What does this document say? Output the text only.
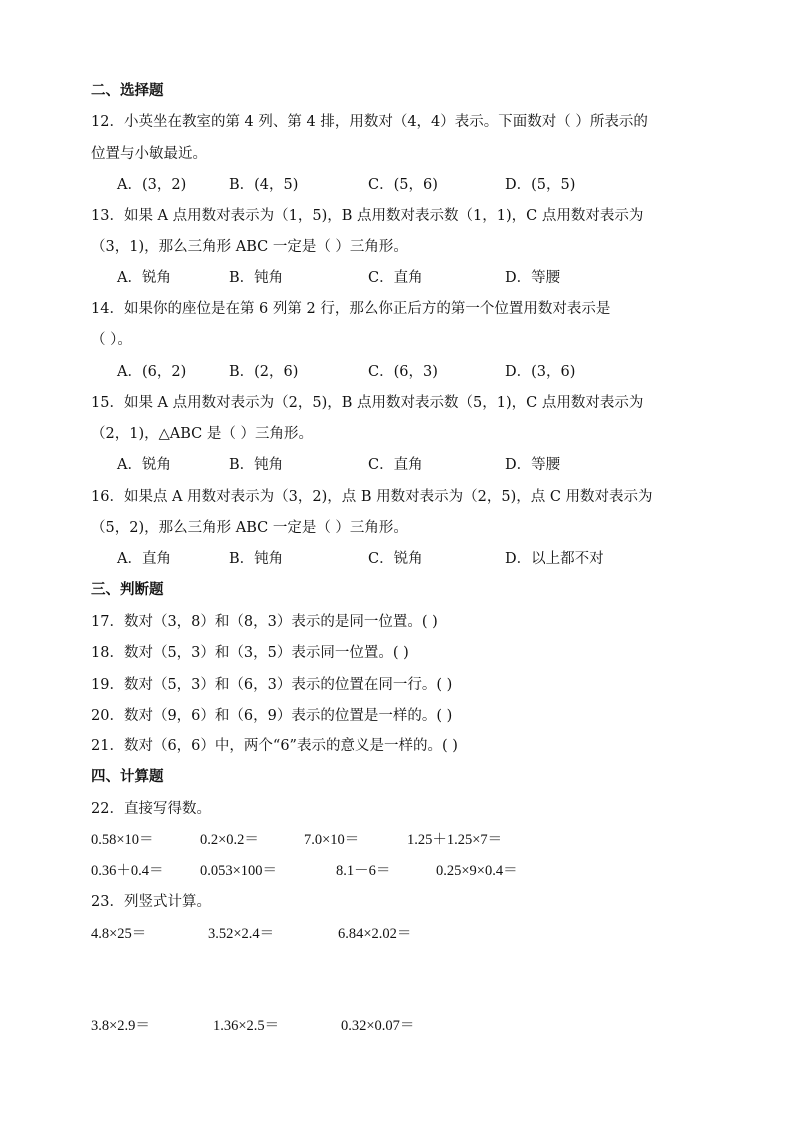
二、选择题
12．小英坐在教室的第 4 列、第 4 排，用数对（4，4）表示。下面数对（ ）所表示的
位置与小敏最近。
A．(3，2)	B．(4，5)	C．(5，6)	D．(5，5)
13．如果 A 点用数对表示为（1，5)，B 点用数对表示数（1，1)，C 点用数对表示为
（3，1)，那么三角形 ABC 一定是（ ）三角形。
A．锐角	B．钝角	C．直角	D．等腰
14．如果你的座位是在第 6 列第 2 行，那么你正后方的第一个位置用数对表示是
（ ）。
A．(6，2)	B．(2，6)	C．(6，3)	D．(3，6)
15．如果 A 点用数对表示为（2，5)，B 点用数对表示数（5，1)，C 点用数对表示为
（2，1)，△ABC 是（ ）三角形。
A．锐角	B．钝角	C．直角	D．等腰
16．如果点 A 用数对表示为（3，2)，点 B 用数对表示为（2，5)，点 C 用数对表示为
（5，2)，那么三角形 ABC 一定是（ ）三角形。
A．直角	B．钝角	C．锐角	D．以上都不对
三、判断题
17．数对（3，8）和（8，3）表示的是同一位置。( )
18．数对（5，3）和（3，5）表示同一位置。( )
19．数对（5，3）和（6，3）表示的位置在同一行。( )
20．数对（9，6）和（6，9）表示的位置是一样的。( )
21．数对（6，6）中，两个“6”表示的意义是一样的。( )
四、计算题
22．直接写得数。
0.58×10＝	0.2×0.2＝	7.0×10＝	1.25＋1.25×7＝
0.36＋0.4＝	0.053×100＝	8.1－6＝	0.25×9×0.4＝
23．列竖式计算。
4.8×25＝	3.52×2.4＝	6.84×2.02＝
3.8×2.9＝	1.36×2.5＝	0.32×0.07＝
